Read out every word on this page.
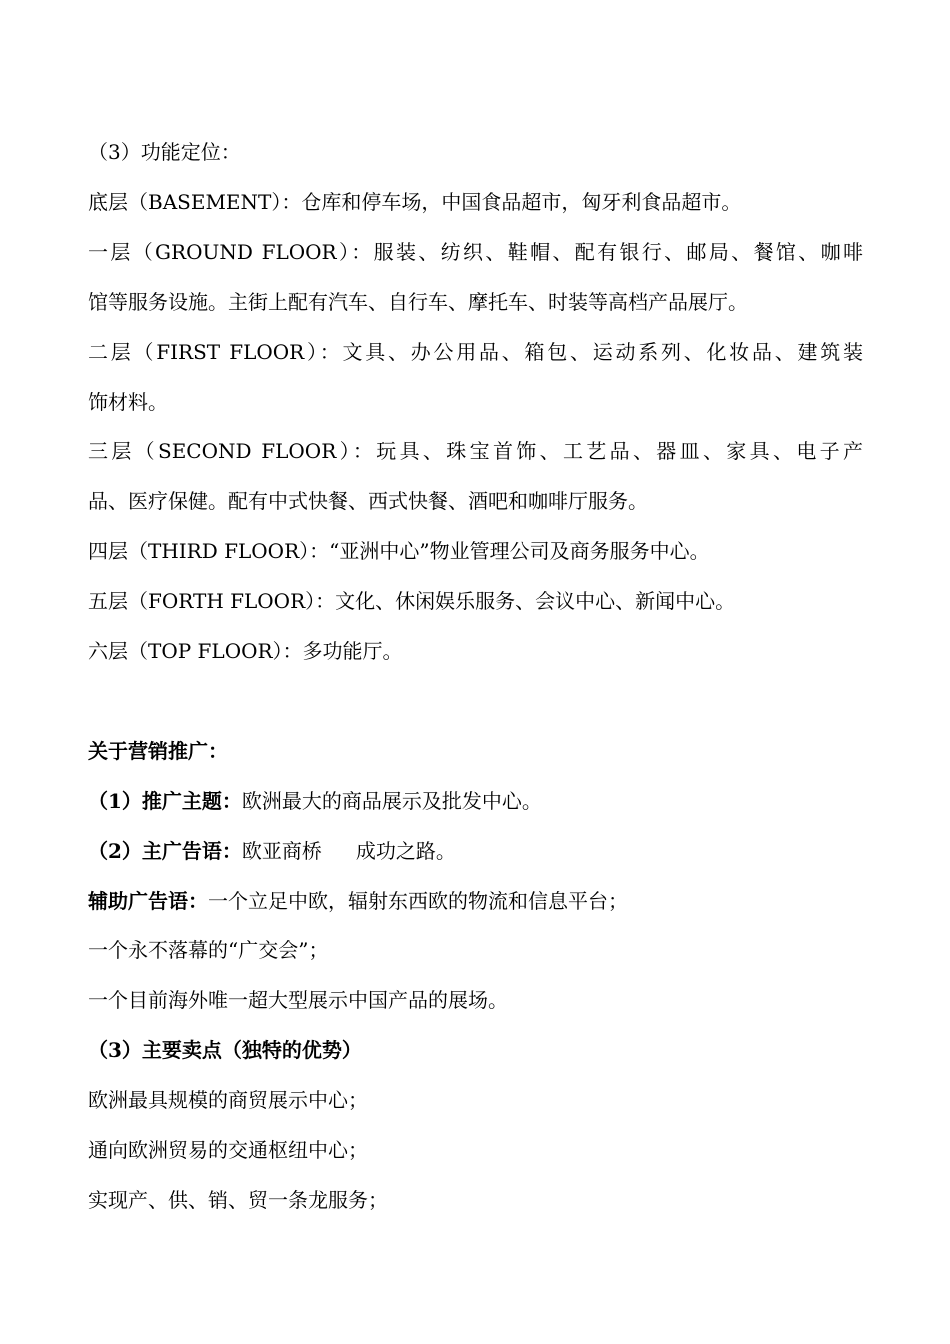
（3）功能定位：

底层（BASEMENT）：仓库和停车场，中国食品超市，匈牙利食品超市。

一层（GROUND FLOOR）：服装、纺织、鞋帽、配有银行、邮局、餐馆、咖啡

馆等服务设施。主街上配有汽车、自行车、摩托车、时装等高档产品展厅。

二层（FIRST FLOOR）：文具、办公用品、箱包、运动系列、化妆品、建筑装

饰材料。

三层（SECOND FLOOR）：玩具、珠宝首饰、工艺品、器皿、家具、电子产

品、医疗保健。配有中式快餐、西式快餐、酒吧和咖啡厅服务。

四层（THIRD FLOOR）：“亚洲中心”物业管理公司及商务服务中心。

五层（FORTH FLOOR）：文化、休闲娱乐服务、会议中心、新闻中心。

六层（TOP FLOOR）：多功能厅。

关于营销推广：

（1）推广主题：欧洲最大的商品展示及批发中心。

（2）主广告语：欧亚商桥 成功之路。

辅助广告语：一个立足中欧，辐射东西欧的物流和信息平台；

一个永不落幕的“广交会”；

一个目前海外唯一超大型展示中国产品的展场。

（3）主要卖点（独特的优势）

欧洲最具规模的商贸展示中心；

通向欧洲贸易的交通枢纽中心；

实现产、供、销、贸一条龙服务；
